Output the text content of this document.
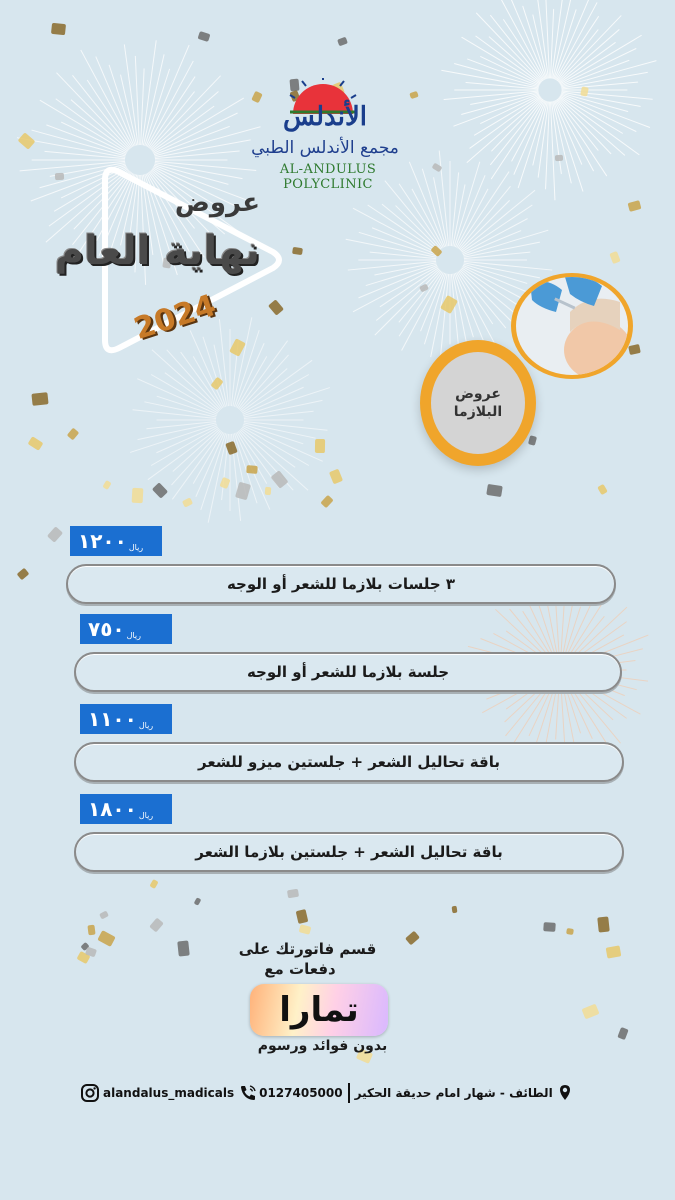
الأندلس
مجمع الأندلس الطبي
AL-ANDULUS POLYCLINIC
عروض
نهاية العام
2024
عروض
البلازما
١٢٠٠ ريال
٣ جلسات بلازما للشعر أو الوجه
٧٥٠ ريال
جلسة بلازما للشعر أو الوجه
١١٠٠ ريال
باقة تحاليل الشعر + جلستين ميزو للشعر
١٨٠٠ ريال
باقة تحاليل الشعر + جلستين بلازما الشعر
قسم فاتورتك على
دفعات مع
تمارا
بدون فوائد ورسوم
alandalus_madicals 0127405000 الطائف - شهار امام حديقة الحكير
